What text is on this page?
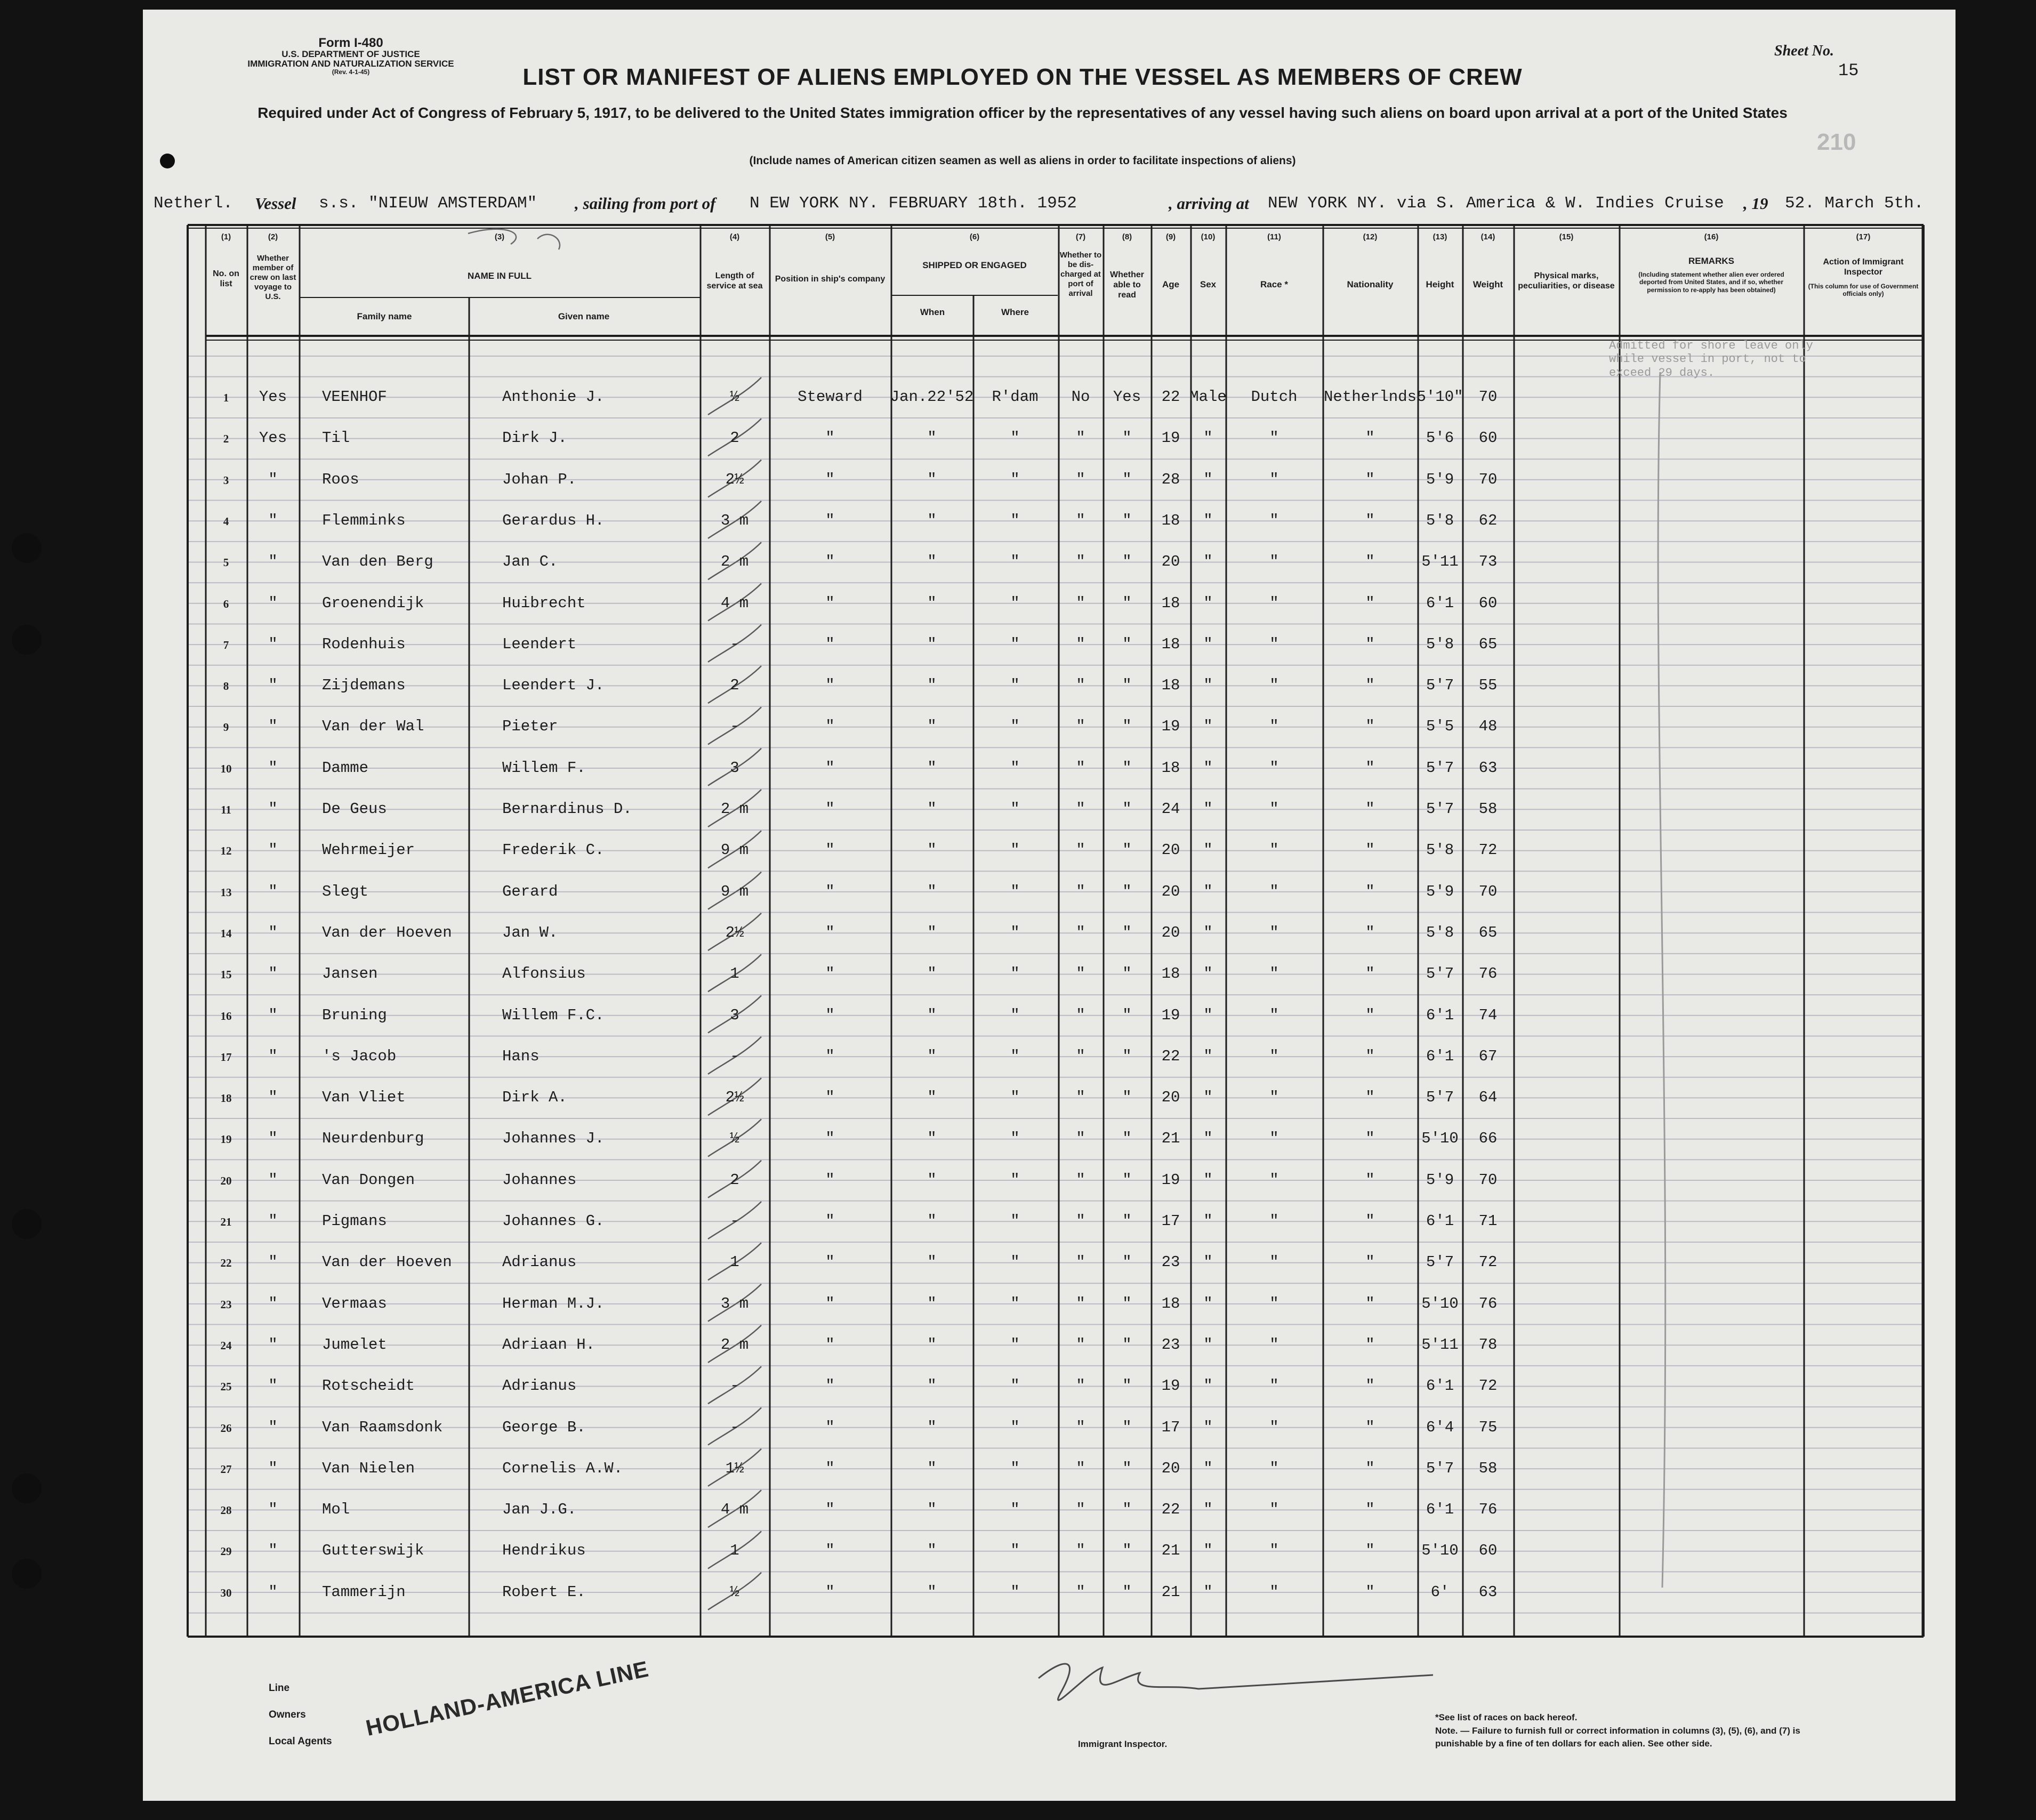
Form I-480
U.S. DEPARTMENT OF JUSTICE
IMMIGRATION AND NATURALIZATION SERVICE
(Rev. 4-1-45)
Sheet No.
15
LIST OR MANIFEST OF ALIENS EMPLOYED ON THE VESSEL AS MEMBERS OF CREW
Required under Act of Congress of February 5, 1917, to be delivered to the United States immigration officer by the representatives of any vessel having such aliens on board upon arrival at a port of the United States
(Include names of American citizen seamen as well as aliens in order to facilitate inspections of aliens)
210
Netherl. Vessel s.s. "NIEUW AMSTERDAM" , sailing from port of N EW YORK NY. FEBRUARY 18th. 1952	, arriving at NEW YORK NY. via S. America & W. Indies Cruise , 19 52. March 5th.
(1)	(2)	(3)	(4)	(5)	(6)	(7)	(8)	(9)	(10)	(11)	(12)	(13)	(14)	(15)	(16)	(17)
No. on list
Whether member of crew on last voyage to U.S.
NAME IN FULL
Family name	Given name
Length of service at sea
Position in ship's company
SHIPPED OR ENGAGED
When	Where
Whether to be dis-charged at port of arrival
Whether able to read
Age	Sex	Race *	Nationality	Height	Weight
Physical marks, peculiarities, or disease
REMARKS
(Including statement whether alien ever ordered deported from United States, and if so, whether permission to re-apply has been obtained)
Action of Immigrant Inspector
(This column for use of Government officials only)
1 Yes VEENHOF	Anthonie J.	½	Steward Jan.22'52 R'dam No Yes 22 Male Dutch Netherlnds 5'10" 70
2 Yes Til	Dirk J.	2	"	"	"	" " 19 "	"	"	5'6 60
3	"	Roos	Johan P.	2½	"	"	"	" " 28 "	"	"	5'9 70
4	"	Flemminks	Gerardus H.	3 m	"	"	"	" " 18 "	"	"	5'8 62
5	"	Van den Berg	Jan C.	2 m	"	"	"	" " 20 "	"	"	5'11 73
6	"	Groenendijk	Huibrecht	4 m	"	"	"	" " 18 "	"	"	6'1 60
7	"	Rodenhuis	Leendert	-	"	"	"	" " 18 "	"	"	5'8 65
8	"	Zijdemans	Leendert J.	2	"	"	"	" " 18 "	"	"	5'7 55
9	"	Van der Wal	Pieter	-	"	"	"	" " 19 "	"	"	5'5 48
10 "	Damme	Willem F.	3	"	"	"	" " 18 "	"	"	5'7 63
11 "	De Geus	Bernardinus D.	2 m	"	"	"	" " 24 "	"	"	5'7 58
12 "	Wehrmeijer	Frederik C.	9 m	"	"	"	" " 20 "	"	"	5'8 72
13 "	Slegt	Gerard	9 m	"	"	"	" " 20 "	"	"	5'9 70
14 "	Van der Hoeven	Jan W.	2½	"	"	"	" " 20 "	"	"	5'8 65
15 "	Jansen	Alfonsius	1	"	"	"	" " 18 "	"	"	5'7 76
16 "	Bruning	Willem F.C.	3	"	"	"	" " 19 "	"	"	6'1 74
17 "	's Jacob	Hans	-	"	"	"	" " 22 "	"	"	6'1 67
18 "	Van Vliet	Dirk A.	2½	"	"	"	" " 20 "	"	"	5'7 64
19 "	Neurdenburg	Johannes J.	½	"	"	"	" " 21 "	"	"	5'10 66
20 "	Van Dongen	Johannes	2	"	"	"	" " 19 "	"	"	5'9 70
21 "	Pigmans	Johannes G.	-	"	"	"	" " 17 "	"	"	6'1 71
22 "	Van der Hoeven	Adrianus	1	"	"	"	" " 23 "	"	"	5'7 72
23 "	Vermaas	Herman M.J.	3 m	"	"	"	" " 18 "	"	"	5'10 76
24 "	Jumelet	Adriaan H.	2 m	"	"	"	" " 23 "	"	"	5'11 78
25 "	Rotscheidt	Adrianus	-	"	"	"	" " 19 "	"	"	6'1 72
26 "	Van Raamsdonk	George B.	-	"	"	"	" " 17 "	"	"	6'4 75
27 "	Van Nielen	Cornelis A.W.	1½	"	"	"	" " 20 "	"	"	5'7 58
28 "	Mol	Jan J.G.	4 m	"	"	"	" " 22 "	"	"	6'1 76
29 "	Gutterswijk	Hendrikus	1	"	"	"	" " 21 "	"	"	5'10 60
30 "	Tammerijn	Robert E.	½	"	"	"	" " 21 "	"	"	6' 63
Admitted for shore leave only
while vessel in port, not to
exceed 29 days.
Line
Owners
Local Agents
HOLLAND-AMERICA LINE
Immigrant Inspector.
*See list of races on back hereof.
Note. — Failure to furnish full or correct information in columns (3), (5), (6), and (7) is punishable by a fine of ten dollars for each alien. See other side.
